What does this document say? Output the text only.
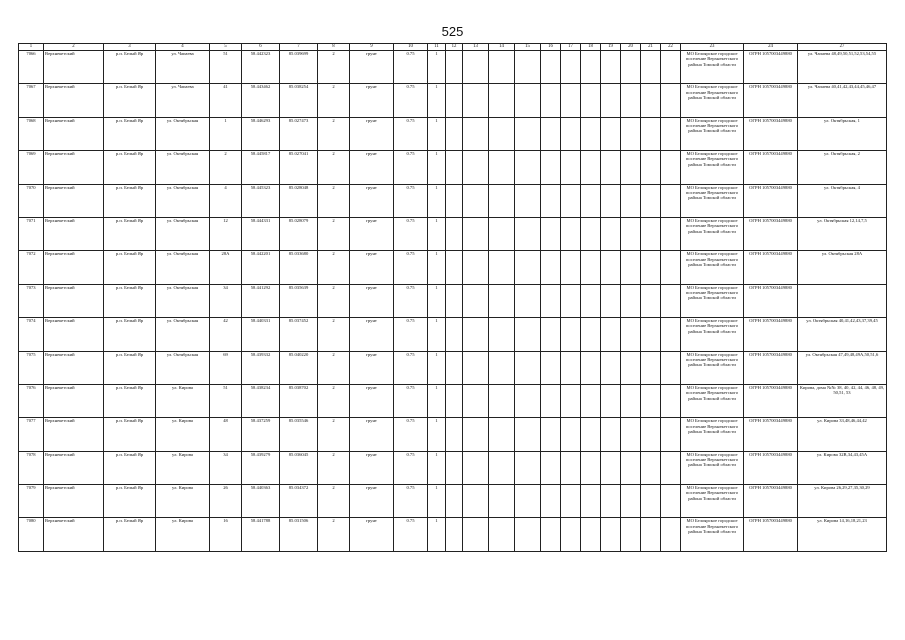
525
1	2	3	4	5	6	7	8	9	10	11	12	13	14	15	16	17	18	19	20	21	22	23	24	27
7066	Верхнекетский	р.п. Белый Яр	ул. Чапаева	51	58.442323	85.039699	2	грунт	0.75	1												МО Белоярское городское поселение Верхнекетского района Томской области	ОГРН 1057003449880	ул. Чапаева 48,49,50,51,52,53,54,55
7067	Верхнекетский	р.п. Белый Яр	ул. Чапаева	41	58.443462	85.038254	2	грунт	0.75	1												МО Белоярское городское поселение Верхнекетского района Томской области	ОГРН 1057003449880	ул. Чапаева 40,41,42,43,44,45,46,47
7068	Верхнекетский	р.п. Белый Яр	ул. Октябрьская	1	58.446293	85.027473	2	грунт	0.75	1												МО Белоярское городское поселение Верхнекетского района Томской области	ОГРН 1057003449880	ул. Октябрьская, 1
7069	Верхнекетский	р.п. Белый Яр	ул. Октябрьская	2	58.445817	85.027041	2	грунт	0.75	1												МО Белоярское городское поселение Верхнекетского района Томской области	ОГРН 1057003449880	ул. Октябрьская, 2
7070	Верхнекетский	р.п. Белый Яр	ул. Октябрьская	4	58.445323	85.028048	2	грунт	0.75	1												МО Белоярское городское поселение Верхнекетского района Томской области	ОГРН 1057003449880	ул. Октябрьская, 4
7071	Верхнекетский	р.п. Белый Яр	ул. Октябрьская	12	58.444331	85.028079	2	грунт	0.75	1												МО Белоярское городское поселение Верхнекетского района Томской области	ОГРН 1057003449880	ул. Октябрьская 12,14,7,5
7072	Верхнекетский	р.п. Белый Яр	ул. Октябрьская	28А	58.442201	85.033680	2	грунт	0.75	1												МО Белоярское городское поселение Верхнекетского района Томской области	ОГРН 1057003449880	ул. Октябрьская 28А
7073	Верхнекетский	р.п. Белый Яр	ул. Октябрьская	34	58.441292	85.035639	2	грунт	0.75	1												МО Белоярское городское поселение Верхнекетского района Томской области	ОГРН 1057003449880	
7074	Верхнекетский	р.п. Белый Яр	ул. Октябрьская	42	58.440331	85.037452	2	грунт	0.75	1												МО Белоярское городское поселение Верхнекетского района Томской области	ОГРН 1057003449880	ул. Октябрьская 40,41,42,43,37,39,45
7075	Верхнекетский	р.п. Белый Яр	ул. Октябрьская	69	58.439332	85.040220	2	грунт	0.75	1												МО Белоярское городское поселение Верхнекетского района Томской области	ОГРН 1057003449880	ул. Октябрьская 47,49,48,49А,50,51,6
7076	Верхнекетский	р.п. Белый Яр	ул. Кирова	51	58.438234	85.038702	2	грунт	0.75	1												МО Белоярское городское поселение Верхнекетского района Томской области	ОГРН 1057003449880	Кирова, дома №№ 38, 40, 42, 44, 46, 48, 49, 50,51, 53
7077	Верхнекетский	р.п. Белый Яр	ул. Кирова	48	58.437259	85.035546	2	грунт	0.75	1												МО Белоярское городское поселение Верхнекетского района Томской области	ОГРН 1057003449880	ул. Кирова 33,48,46,44,42
7078	Верхнекетский	р.п. Белый Яр	ул. Кирова	34	58.439279	85.036045	2	грунт	0.75	1												МО Белоярское городское поселение Верхнекетского района Томской области	ОГРН 1057003449880	ул. Кирова 32В,34,43,45А
7079	Верхнекетский	р.п. Белый Яр	ул. Кирова	26	58.440363	85.034372	2	грунт	0.75	1												МО Белоярское городское поселение Верхнекетского района Томской области	ОГРН 1057003449880	ул. Кирова 26,29,27,35,30,29
7080	Верхнекетский	р.п. Белый Яр	ул. Кирова	16	58.441788	85.031506	2	грунт	0.75	1												МО Белоярское городское поселение Верхнекетского района Томской области	ОГРН 1057003449880	ул. Кирова 14,16,18,21,23
